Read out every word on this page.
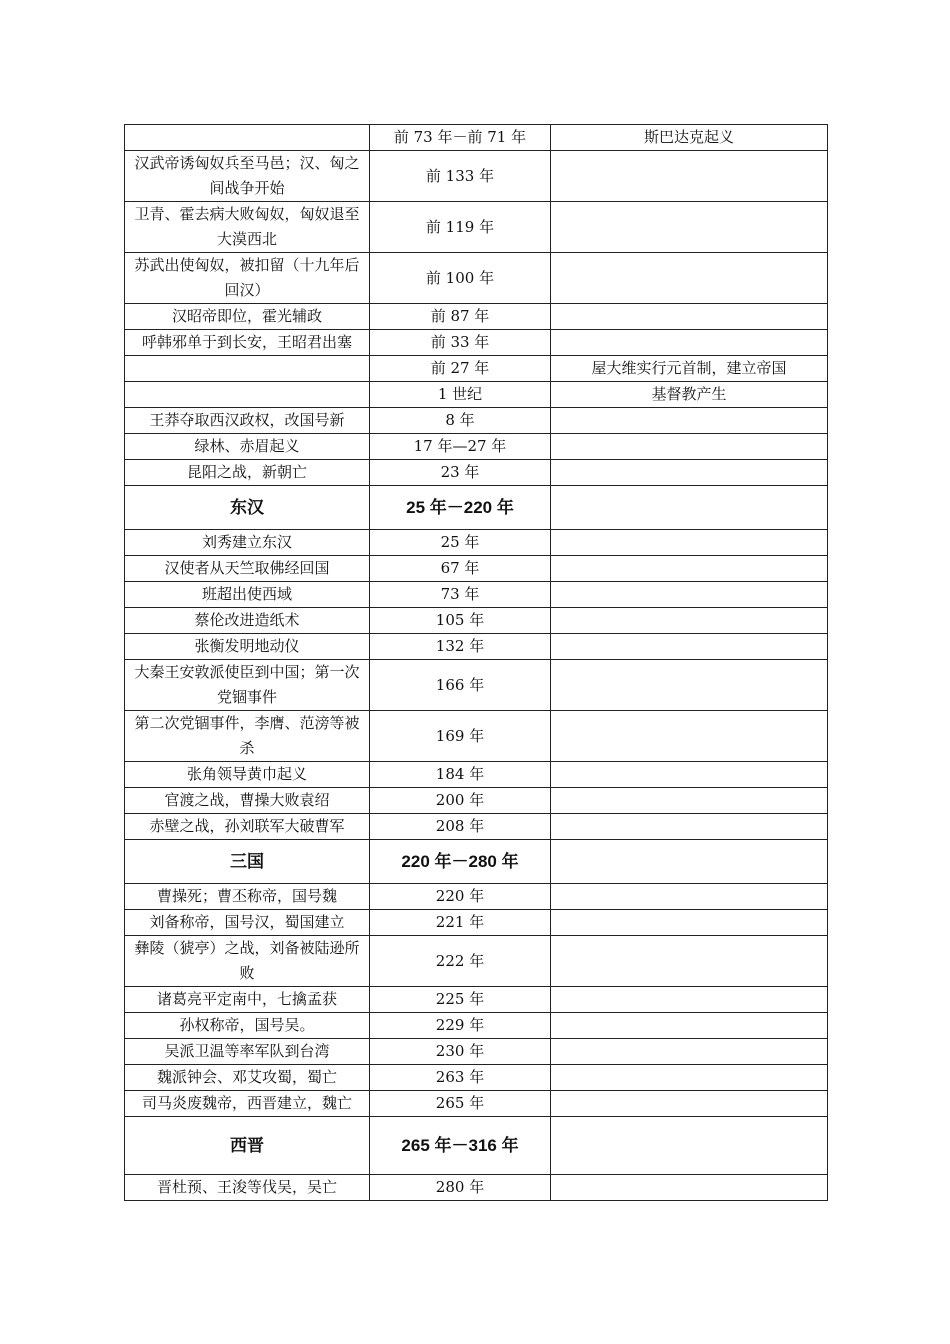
	前 73 年－前 71 年	斯巴达克起义
汉武帝诱匈奴兵至马邑；汉、匈之间战争开始	前 133 年	
卫青、霍去病大败匈奴，匈奴退至大漠西北	前 119 年	
苏武出使匈奴，被扣留（十九年后回汉）	前 100 年	
汉昭帝即位，霍光辅政	前 87 年	
呼韩邪单于到长安，王昭君出塞	前 33 年	
	前 27 年	屋大维实行元首制，建立帝国
	1 世纪	基督教产生
王莽夺取西汉政权，改国号新	8 年	
绿林、赤眉起义	17 年—27 年	
昆阳之战，新朝亡	23 年	
东汉	25 年－220 年	
刘秀建立东汉	25 年	
汉使者从天竺取佛经回国	67 年	
班超出使西域	73 年	
蔡伦改进造纸术	105 年	
张衡发明地动仪	132 年	
大秦王安敦派使臣到中国；第一次党锢事件	166 年	
第二次党锢事件，李膺、范滂等被杀	169 年	
张角领导黄巾起义	184 年	
官渡之战，曹操大败袁绍	200 年	
赤壁之战，孙刘联军大破曹军	208 年	
三国	220 年－280 年	
曹操死；曹丕称帝，国号魏	220 年	
刘备称帝，国号汉，蜀国建立	221 年	
彝陵（猇亭）之战，刘备被陆逊所败	222 年	
诸葛亮平定南中，七擒孟获	225 年	
孙权称帝，国号吴。	229 年	
吴派卫温等率军队到台湾	230 年	
魏派钟会、邓艾攻蜀，蜀亡	263 年	
司马炎废魏帝，西晋建立，魏亡	265 年	
西晋	265 年－316 年	
晋杜预、王浚等伐吴，吴亡	280 年	
